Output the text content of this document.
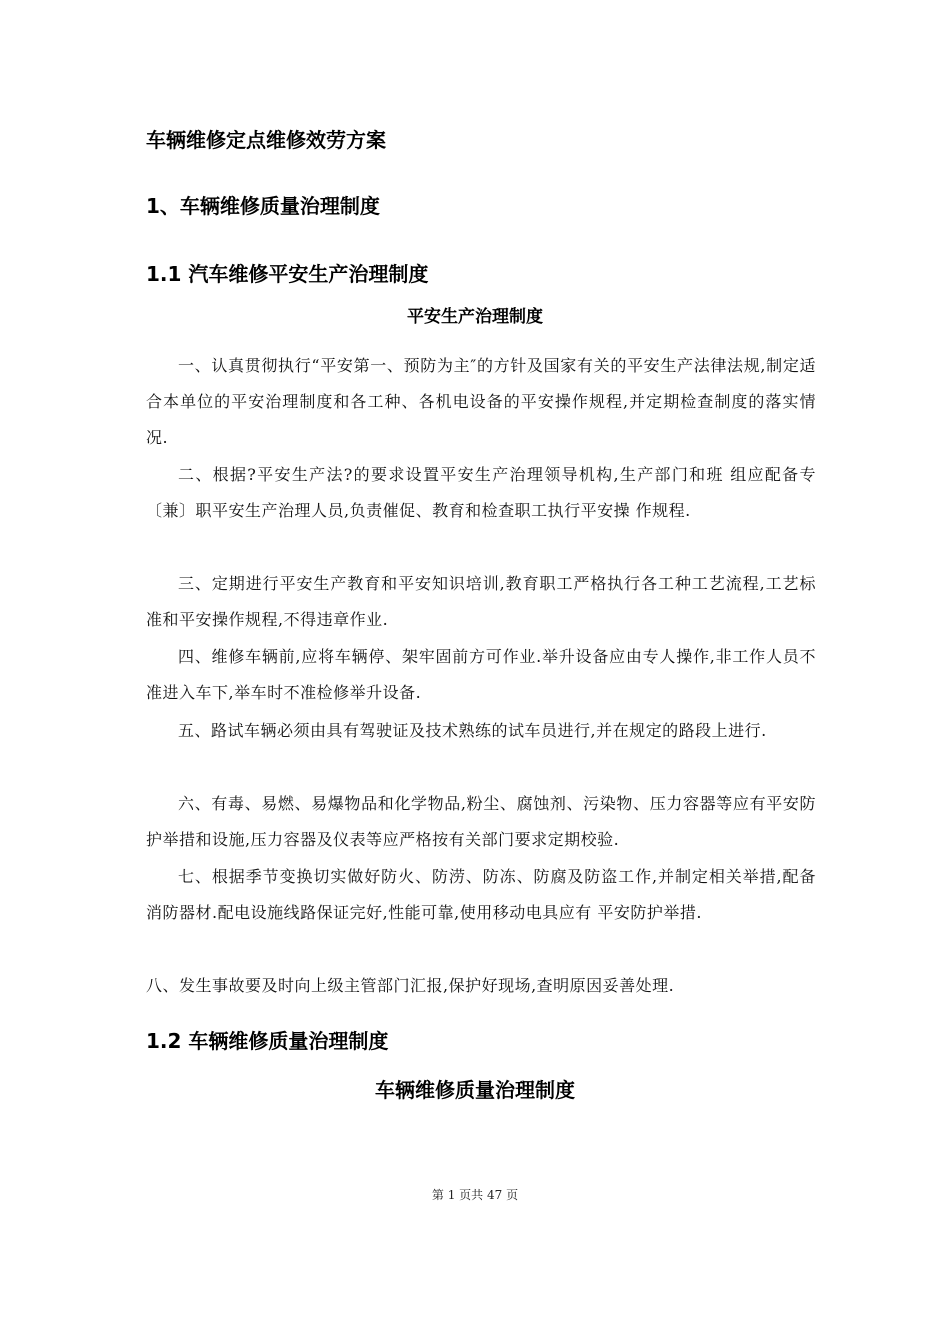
车辆维修定点维修效劳方案
1、车辆维修质量治理制度
1.1 汽车维修平安生产治理制度
平安生产治理制度

一、认真贯彻执行“平安第一、预防为主″的方针及国家有关的平安生产法律法规,制定适合本单位的平安治理制度和各工种、各机电设备的平安操作规程,并定期检查制度的落实情况.

二、根据?平安生产法?的要求设置平安生产治理领导机构,生产部门和班 组应配备专〔兼〕职平安生产治理人员,负责催促、教育和检查职工执行平安操 作规程.

三、定期进行平安生产教育和平安知识培训,教育职工严格执行各工种工艺流程,工艺标准和平安操作规程,不得违章作业.

四、维修车辆前,应将车辆停、架牢固前方可作业.举升设备应由专人操作,非工作人员不准进入车下,举车时不准检修举升设备.

五、路试车辆必须由具有驾驶证及技术熟练的试车员进行,并在规定的路段上进行.

六、有毒、易燃、易爆物品和化学物品,粉尘、腐蚀剂、污染物、压力容器等应有平安防护举措和设施,压力容器及仪表等应严格按有关部门要求定期校验.

七、根据季节变换切实做好防火、防涝、防冻、防腐及防盗工作,并制定相关举措,配备消防器材.配电设施线路保证完好,性能可靠,使用移动电具应有 平安防护举措.

八、发生事故要及时向上级主管部门汇报,保护好现场,查明原因妥善处理.

1.2 车辆维修质量治理制度
车辆维修质量治理制度
第 1 页共 47 页
